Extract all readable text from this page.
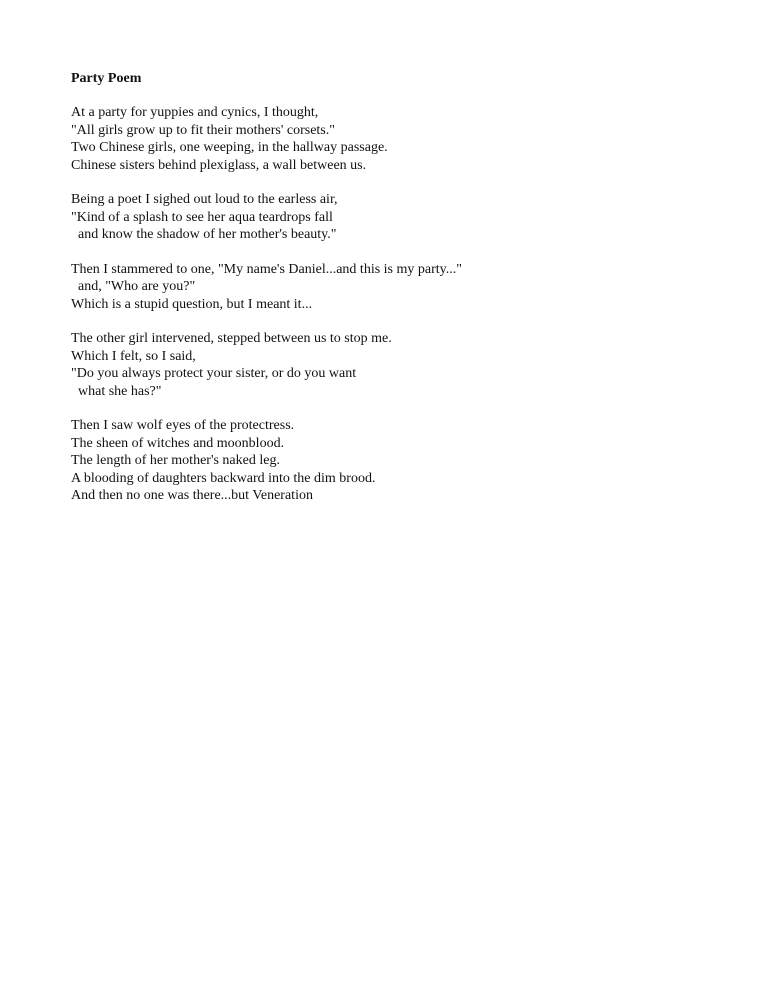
Party Poem
At a party for yuppies and cynics, I thought,
"All girls grow up to fit their mothers' corsets."
Two Chinese girls, one weeping, in the hallway passage.
Chinese sisters behind plexiglass, a wall between us.
Being a poet I sighed out loud to the earless air,
"Kind of a splash to see her aqua teardrops fall
and know the shadow of her mother's beauty."
Then I stammered to one, "My name's Daniel...and this is my party..."
and, "Who are you?"
Which is a stupid question, but I meant it...
The other girl intervened, stepped between us to stop me.
Which I felt, so I said,
"Do you always protect your sister, or do you want
what she has?"
Then I saw wolf eyes of the protectress.
The sheen of witches and moonblood.
The length of her mother's naked leg.
A blooding of daughters backward into the dim brood.
And then no one was there...but Veneration
